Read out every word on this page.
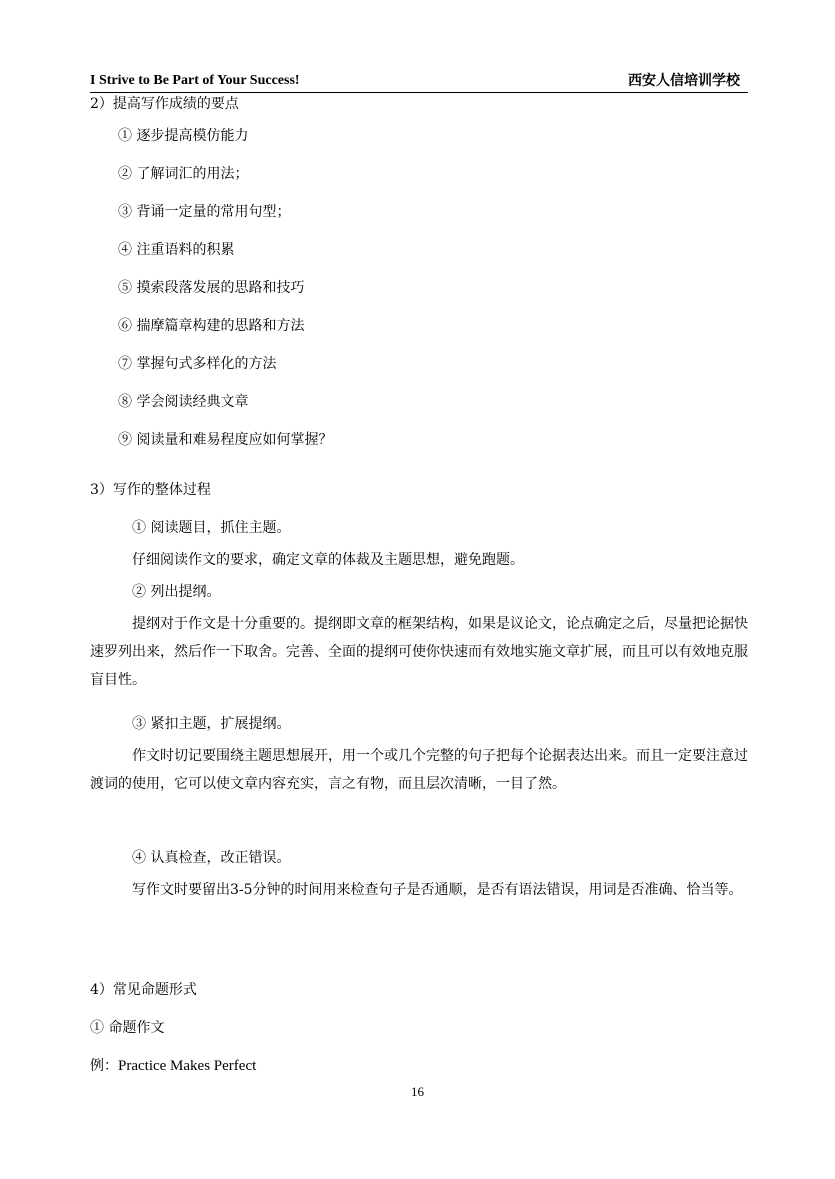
I Strive to Be Part of Your Success!	西安人信培训学校
2）提高写作成绩的要点
① 逐步提高模仿能力
② 了解词汇的用法；
③ 背诵一定量的常用句型；
④ 注重语料的积累
⑤ 摸索段落发展的思路和技巧
⑥ 揣摩篇章构建的思路和方法
⑦ 掌握句式多样化的方法
⑧ 学会阅读经典文章
⑨ 阅读量和难易程度应如何掌握？
3）写作的整体过程
① 阅读题目，抓住主题。
仔细阅读作文的要求，确定文章的体裁及主题思想，避免跑题。
② 列出提纲。
提纲对于作文是十分重要的。提纲即文章的框架结构，如果是议论文，论点确定之后，尽量把论据快速罗列出来，然后作一下取舍。完善、全面的提纲可使你快速而有效地实施文章扩展，而且可以有效地克服盲目性。
③ 紧扣主题，扩展提纲。
作文时切记要围绕主题思想展开，用一个或几个完整的句子把每个论据表达出来。而且一定要注意过渡词的使用，它可以使文章内容充实，言之有物，而且层次清晰，一目了然。
④ 认真检查，改正错误。
写作文时要留出3-5分钟的时间用来检查句子是否通顺，是否有语法错误，用词是否准确、恰当等。
4）常见命题形式
① 命题作文
例：Practice Makes Perfect
16
